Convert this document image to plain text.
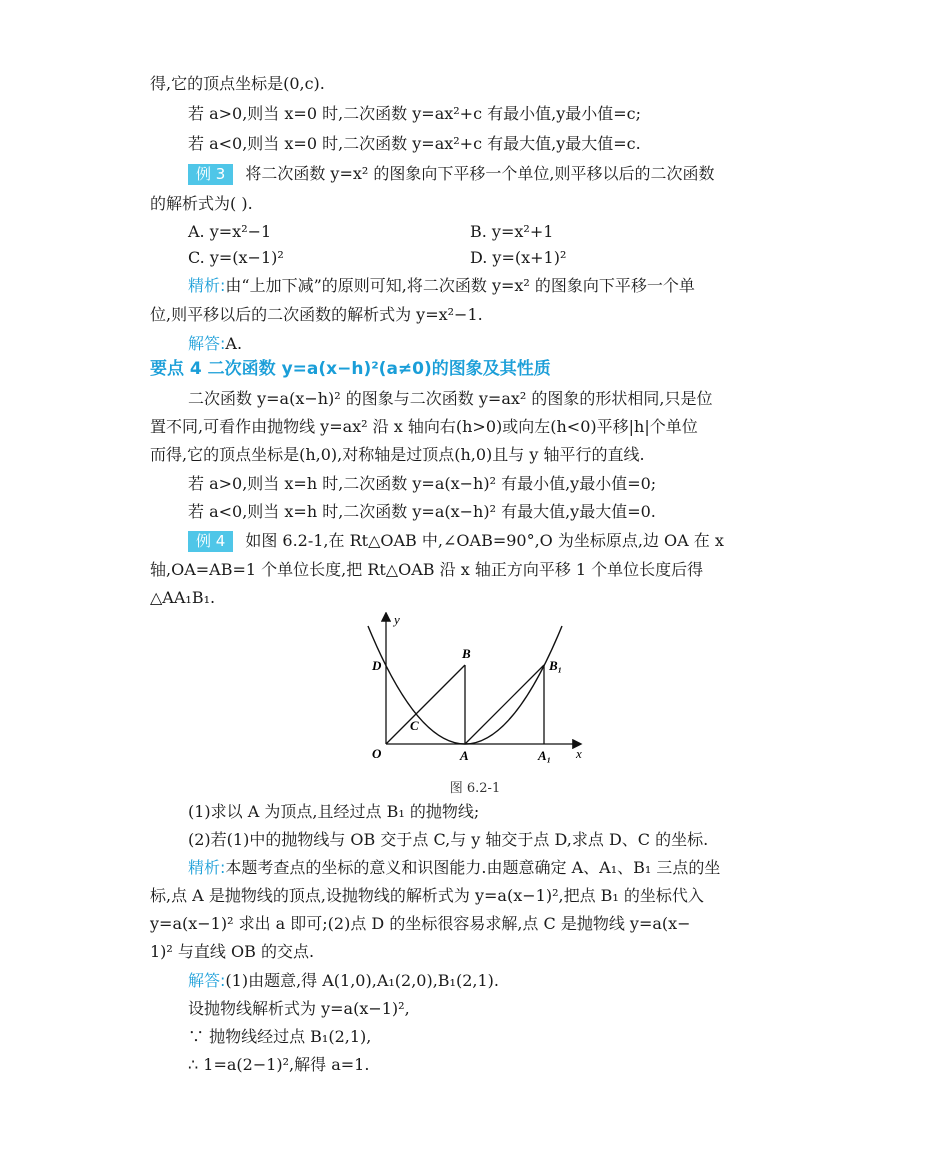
得,它的顶点坐标是(0,c).
若 a>0,则当 x=0 时,二次函数 y=ax²+c 有最小值,y最小值=c;
若 a<0,则当 x=0 时,二次函数 y=ax²+c 有最大值,y最大值=c.
例 3 将二次函数 y=x² 的图象向下平移一个单位,则平移以后的二次函数
的解析式为( ).
A. y=x²−1	B. y=x²+1
C. y=(x−1)²	D. y=(x+1)²
精析:由“上加下减”的原则可知,将二次函数 y=x² 的图象向下平移一个单
位,则平移以后的二次函数的解析式为 y=x²−1.
解答:A.
要点 4 二次函数 y=a(x−h)²(a≠0)的图象及其性质
二次函数 y=a(x−h)² 的图象与二次函数 y=ax² 的图象的形状相同,只是位
置不同,可看作由抛物线 y=ax² 沿 x 轴向右(h>0)或向左(h<0)平移|h|个单位
而得,它的顶点坐标是(h,0),对称轴是过顶点(h,0)且与 y 轴平行的直线.
若 a>0,则当 x=h 时,二次函数 y=a(x−h)² 有最小值,y最小值=0;
若 a<0,则当 x=h 时,二次函数 y=a(x−h)² 有最大值,y最大值=0.
例 4 如图 6.2-1,在 Rt△OAB 中,∠OAB=90°,O 为坐标原点,边 OA 在 x
轴,OA=AB=1 个单位长度,把 Rt△OAB 沿 x 轴正方向平移 1 个单位长度后得
△AA₁B₁.
y
x
O
D
B
C
A	A₁
B₁
图 6.2-1
(1)求以 A 为顶点,且经过点 B₁ 的抛物线;
(2)若(1)中的抛物线与 OB 交于点 C,与 y 轴交于点 D,求点 D、C 的坐标.
精析:本题考查点的坐标的意义和识图能力.由题意确定 A、A₁、B₁ 三点的坐
标,点 A 是抛物线的顶点,设抛物线的解析式为 y=a(x−1)²,把点 B₁ 的坐标代入
y=a(x−1)² 求出 a 即可;(2)点 D 的坐标很容易求解,点 C 是抛物线 y=a(x−
1)² 与直线 OB 的交点.
解答:(1)由题意,得 A(1,0),A₁(2,0),B₁(2,1).
设抛物线解析式为 y=a(x−1)²,
∵ 抛物线经过点 B₁(2,1),
∴ 1=a(2−1)²,解得 a=1.
